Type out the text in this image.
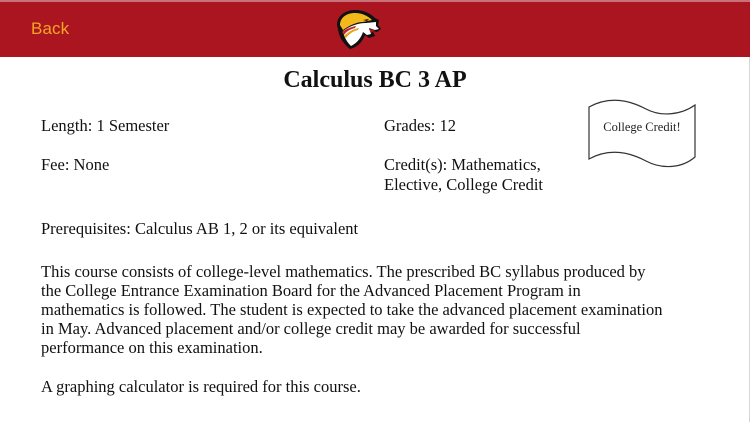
Back
Calculus BC 3 AP
Length: 1 Semester	Grades: 12
Fee: None	Credit(s): Mathematics,
Elective, College Credit
College Credit!
Prerequisites: Calculus AB 1, 2 or its equivalent
This course consists of college-level mathematics. The prescribed BC syllabus produced by
the College Entrance Examination Board for the Advanced Placement Program in
mathematics is followed. The student is expected to take the advanced placement examination
in May. Advanced placement and/or college credit may be awarded for successful
performance on this examination.
A graphing calculator is required for this course.
